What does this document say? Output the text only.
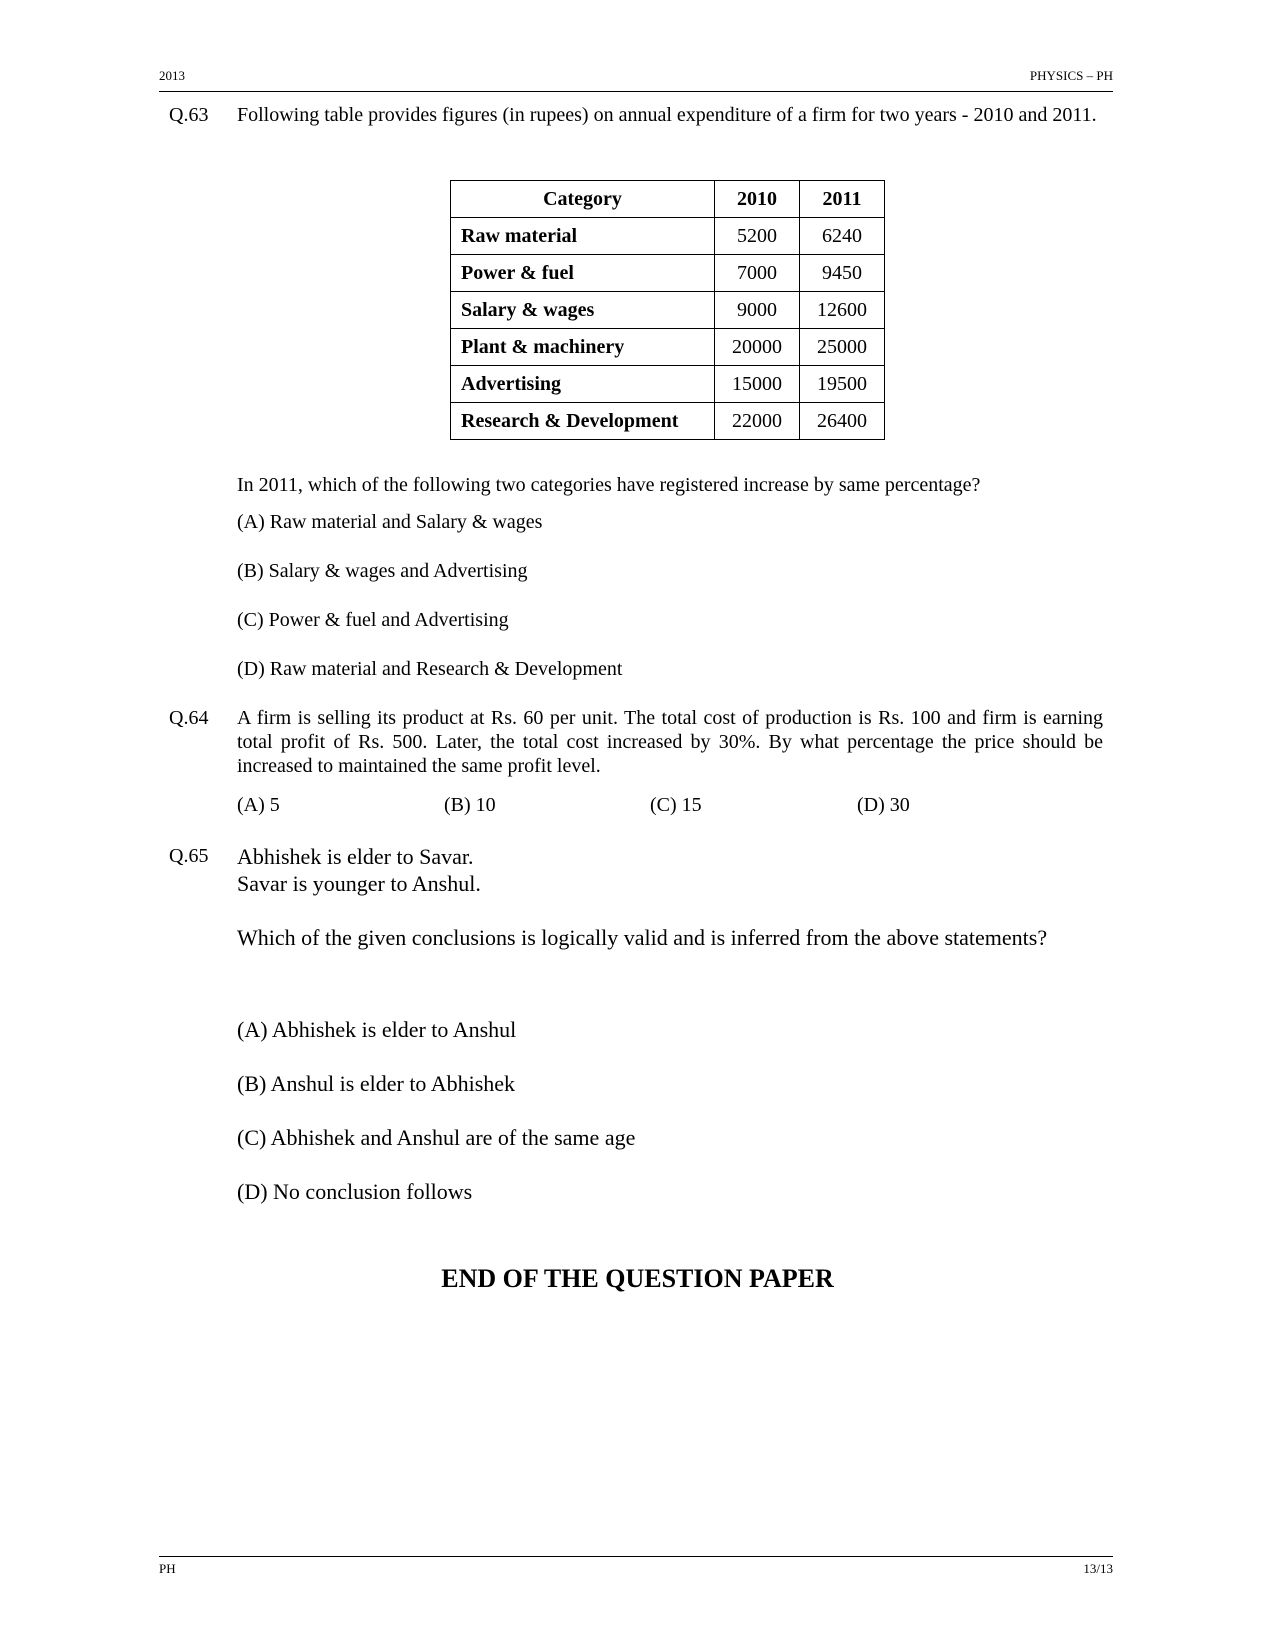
2013	PHYSICS – PH
Q.63 Following table provides figures (in rupees) on annual expenditure of a firm for two years - 2010 and 2011.
Category	2010	2011
Raw material	5200	6240
Power & fuel	7000	9450
Salary & wages	9000	12600
Plant & machinery	20000	25000
Advertising	15000	19500
Research & Development	22000	26400
In 2011, which of the following two categories have registered increase by same percentage?
(A) Raw material and Salary & wages
(B) Salary & wages and Advertising
(C) Power & fuel and Advertising
(D) Raw material and Research & Development
Q.64 A firm is selling its product at Rs. 60 per unit. The total cost of production is Rs. 100 and firm is earning total profit of Rs. 500. Later, the total cost increased by 30%. By what percentage the price should be increased to maintained the same profit level.
(A) 5	(B) 10	(C) 15	(D) 30
Q.65 Abhishek is elder to Savar.
Savar is younger to Anshul.
Which of the given conclusions is logically valid and is inferred from the above statements?
(A) Abhishek is elder to Anshul
(B) Anshul is elder to Abhishek
(C) Abhishek and Anshul are of the same age
(D) No conclusion follows
END OF THE QUESTION PAPER
PH	13/13
